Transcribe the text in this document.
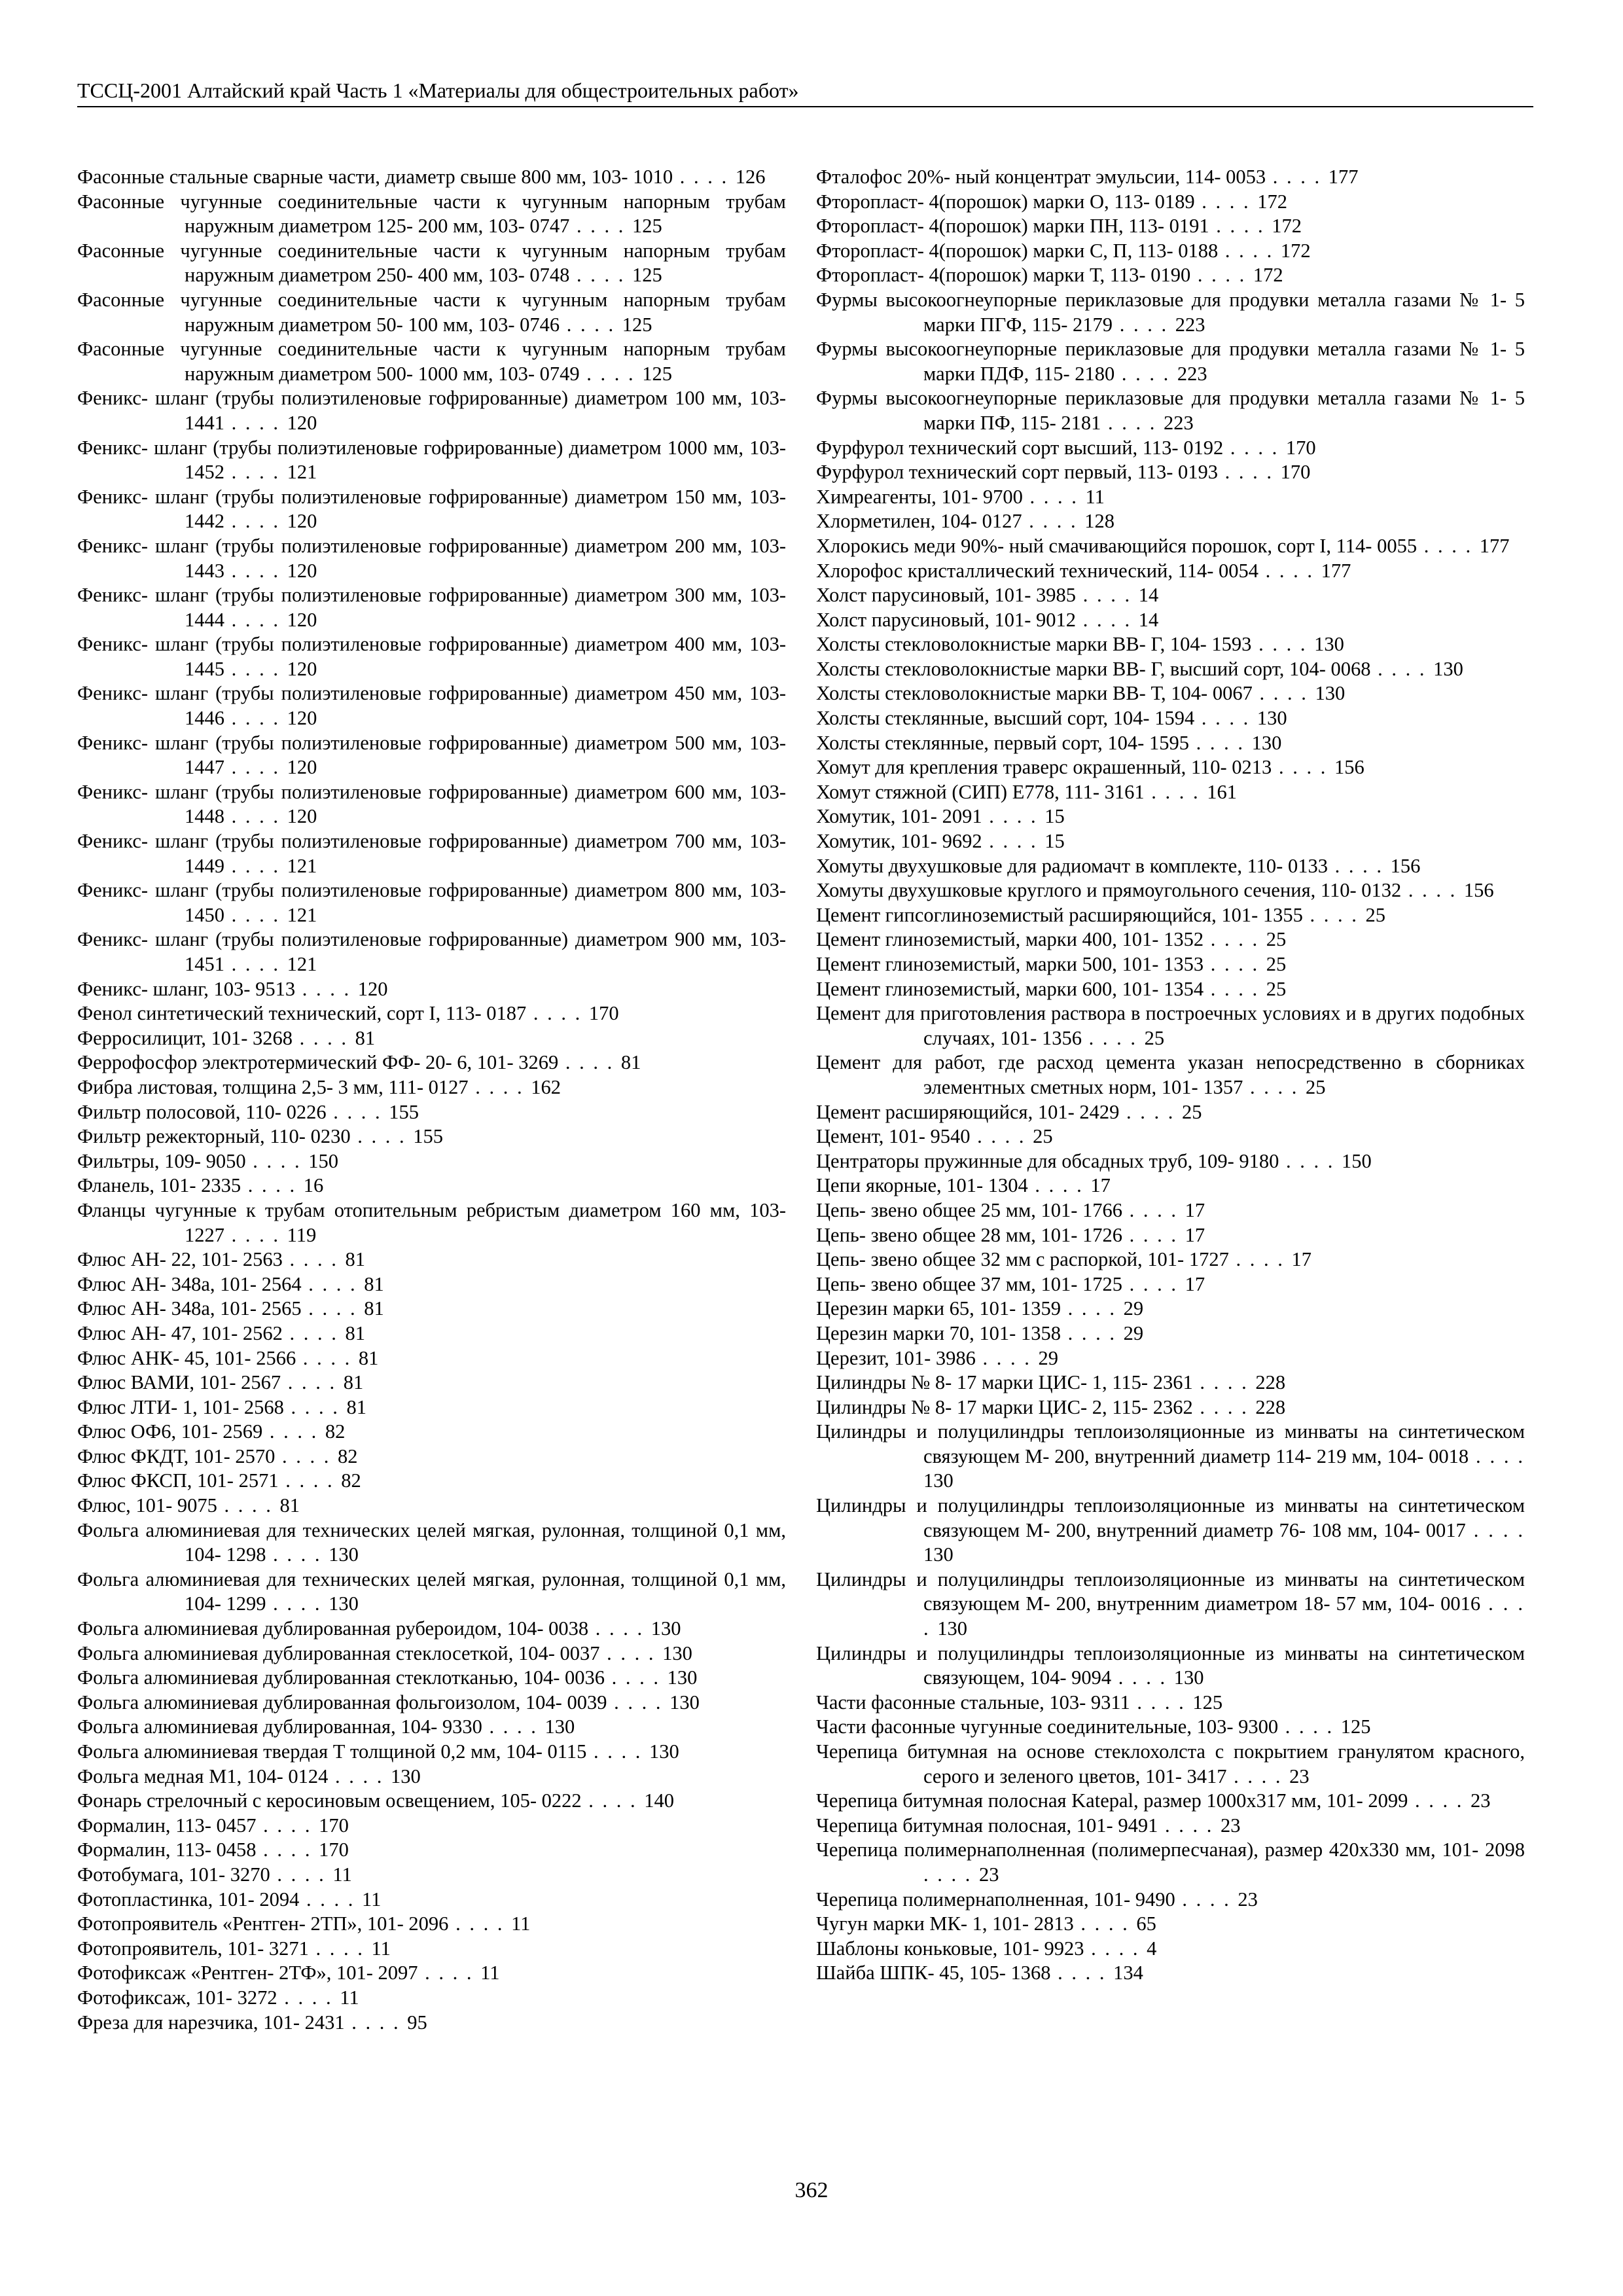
ТССЦ-2001 Алтайский край Часть 1 «Материалы для общестроительных работ»
Фасонные стальные сварные части, диаметр свыше 800 мм, 103- 1010 . . . . 126
Фасонные чугунные соединительные части к чугунным напорным трубам наружным диаметром 125- 200 мм, 103- 0747 . . . . 125
Фасонные чугунные соединительные части к чугунным напорным трубам наружным диаметром 250- 400 мм, 103- 0748 . . . . 125
Фасонные чугунные соединительные части к чугунным напорным трубам наружным диаметром 50- 100 мм, 103- 0746 . . . . 125
Фасонные чугунные соединительные части к чугунным напорным трубам наружным диаметром 500- 1000 мм, 103- 0749 . . . . 125
Феникс- шланг (трубы полиэтиленовые гофрированные) диаметром 100 мм, 103- 1441 . . . . 120
Феникс- шланг (трубы полиэтиленовые гофрированные) диаметром 1000 мм, 103- 1452 . . . . 121
Феникс- шланг (трубы полиэтиленовые гофрированные) диаметром 150 мм, 103- 1442 . . . . 120
Феникс- шланг (трубы полиэтиленовые гофрированные) диаметром 200 мм, 103- 1443 . . . . 120
Феникс- шланг (трубы полиэтиленовые гофрированные) диаметром 300 мм, 103- 1444 . . . . 120
Феникс- шланг (трубы полиэтиленовые гофрированные) диаметром 400 мм, 103- 1445 . . . . 120
Феникс- шланг (трубы полиэтиленовые гофрированные) диаметром 450 мм, 103- 1446 . . . . 120
Феникс- шланг (трубы полиэтиленовые гофрированные) диаметром 500 мм, 103- 1447 . . . . 120
Феникс- шланг (трубы полиэтиленовые гофрированные) диаметром 600 мм, 103- 1448 . . . . 120
Феникс- шланг (трубы полиэтиленовые гофрированные) диаметром 700 мм, 103- 1449 . . . . 121
Феникс- шланг (трубы полиэтиленовые гофрированные) диаметром 800 мм, 103- 1450 . . . . 121
Феникс- шланг (трубы полиэтиленовые гофрированные) диаметром 900 мм, 103- 1451 . . . . 121
Феникс- шланг, 103- 9513 . . . . 120
Фенол синтетический технический, сорт I, 113- 0187 . . . . 170
Ферросилицит, 101- 3268 . . . . 81
Феррофосфор электротермический ФФ- 20- 6, 101- 3269 . . . . 81
Фибра листовая, толщина 2,5- 3 мм, 111- 0127 . . . . 162
Фильтр полосовой, 110- 0226 . . . . 155
Фильтр режекторный, 110- 0230 . . . . 155
Фильтры, 109- 9050 . . . . 150
Фланель, 101- 2335 . . . . 16
Фланцы чугунные к трубам отопительным ребристым диаметром 160 мм, 103- 1227 . . . . 119
Флюс АН- 22, 101- 2563 . . . . 81
Флюс АН- 348а, 101- 2564 . . . . 81
Флюс АН- 348а, 101- 2565 . . . . 81
Флюс АН- 47, 101- 2562 . . . . 81
Флюс АНК- 45, 101- 2566 . . . . 81
Флюс ВАМИ, 101- 2567 . . . . 81
Флюс ЛТИ- 1, 101- 2568 . . . . 81
Флюс ОФ6, 101- 2569 . . . . 82
Флюс ФКДТ, 101- 2570 . . . . 82
Флюс ФКСП, 101- 2571 . . . . 82
Флюс, 101- 9075 . . . . 81
Фольга алюминиевая для технических целей мягкая, рулонная, толщиной 0,1 мм, 104- 1298 . . . . 130
Фольга алюминиевая для технических целей мягкая, рулонная, толщиной 0,1 мм, 104- 1299 . . . . 130
Фольга алюминиевая дублированная рубероидом, 104- 0038 . . . . 130
Фольга алюминиевая дублированная стеклосеткой, 104- 0037 . . . . 130
Фольга алюминиевая дублированная стеклотканью, 104- 0036 . . . . 130
Фольга алюминиевая дублированная фольгоизолом, 104- 0039 . . . . 130
Фольга алюминиевая дублированная, 104- 9330 . . . . 130
Фольга алюминиевая твердая Т толщиной 0,2 мм, 104- 0115 . . . . 130
Фольга медная М1, 104- 0124 . . . . 130
Фонарь стрелочный с керосиновым освещением, 105- 0222 . . . . 140
Формалин, 113- 0457 . . . . 170
Формалин, 113- 0458 . . . . 170
Фотобумага, 101- 3270 . . . . 11
Фотопластинка, 101- 2094 . . . . 11
Фотопроявитель «Рентген- 2ТП», 101- 2096 . . . . 11
Фотопроявитель, 101- 3271 . . . . 11
Фотофиксаж «Рентген- 2ТФ», 101- 2097 . . . . 11
Фотофиксаж, 101- 3272 . . . . 11
Фреза для нарезчика, 101- 2431 . . . . 95
Фталофос 20%- ный концентрат эмульсии, 114- 0053 . . . . 177
Фторопласт- 4(порошок) марки О, 113- 0189 . . . . 172
Фторопласт- 4(порошок) марки ПН, 113- 0191 . . . . 172
Фторопласт- 4(порошок) марки С, П, 113- 0188 . . . . 172
Фторопласт- 4(порошок) марки Т, 113- 0190 . . . . 172
Фурмы высокоогнеупорные периклазовые для продувки металла газами № 1- 5 марки ПГФ, 115- 2179 . . . . 223
Фурмы высокоогнеупорные периклазовые для продувки металла газами № 1- 5 марки ПДФ, 115- 2180 . . . . 223
Фурмы высокоогнеупорные периклазовые для продувки металла газами № 1- 5 марки ПФ, 115- 2181 . . . . 223
Фурфурол технический сорт высший, 113- 0192 . . . . 170
Фурфурол технический сорт первый, 113- 0193 . . . . 170
Химреагенты, 101- 9700 . . . . 11
Хлорметилен, 104- 0127 . . . . 128
Хлорокись меди 90%- ный смачивающийся порошок, сорт I, 114- 0055 . . . . 177
Хлорофос кристаллический технический, 114- 0054 . . . . 177
Холст парусиновый, 101- 3985 . . . . 14
Холст парусиновый, 101- 9012 . . . . 14
Холсты стекловолокнистые марки ВВ- Г, 104- 1593 . . . . 130
Холсты стекловолокнистые марки ВВ- Г, высший сорт, 104- 0068 . . . . 130
Холсты стекловолокнистые марки ВВ- Т, 104- 0067 . . . . 130
Холсты стеклянные, высший сорт, 104- 1594 . . . . 130
Холсты стеклянные, первый сорт, 104- 1595 . . . . 130
Хомут для крепления траверс окрашенный, 110- 0213 . . . . 156
Хомут стяжной (СИП) Е778, 111- 3161 . . . . 161
Хомутик, 101- 2091 . . . . 15
Хомутик, 101- 9692 . . . . 15
Хомуты двухушковые для радиомачт в комплекте, 110- 0133 . . . . 156
Хомуты двухушковые круглого и прямоугольного сечения, 110- 0132 . . . . 156
Цемент гипсоглиноземистый расширяющийся, 101- 1355 . . . . 25
Цемент глиноземистый, марки 400, 101- 1352 . . . . 25
Цемент глиноземистый, марки 500, 101- 1353 . . . . 25
Цемент глиноземистый, марки 600, 101- 1354 . . . . 25
Цемент для приготовления раствора в построечных условиях и в других подобных случаях, 101- 1356 . . . . 25
Цемент для работ, где расход цемента указан непосредственно в сборниках элементных сметных норм, 101- 1357 . . . . 25
Цемент расширяющийся, 101- 2429 . . . . 25
Цемент, 101- 9540 . . . . 25
Центраторы пружинные для обсадных труб, 109- 9180 . . . . 150
Цепи якорные, 101- 1304 . . . . 17
Цепь- звено общее 25 мм, 101- 1766 . . . . 17
Цепь- звено общее 28 мм, 101- 1726 . . . . 17
Цепь- звено общее 32 мм с распоркой, 101- 1727 . . . . 17
Цепь- звено общее 37 мм, 101- 1725 . . . . 17
Церезин марки 65, 101- 1359 . . . . 29
Церезин марки 70, 101- 1358 . . . . 29
Церезит, 101- 3986 . . . . 29
Цилиндры № 8- 17 марки ЦИС- 1, 115- 2361 . . . . 228
Цилиндры № 8- 17 марки ЦИС- 2, 115- 2362 . . . . 228
Цилиндры и полуцилиндры теплоизоляционные из минваты на синтетическом связующем М- 200, внутренний диаметр 114- 219 мм, 104- 0018 . . . . 130
Цилиндры и полуцилиндры теплоизоляционные из минваты на синтетическом связующем М- 200, внутренний диаметр 76- 108 мм, 104- 0017 . . . . 130
Цилиндры и полуцилиндры теплоизоляционные из минваты на синтетическом связующем М- 200, внутренним диаметром 18- 57 мм, 104- 0016 . . . . 130
Цилиндры и полуцилиндры теплоизоляционные из минваты на синтетическом связующем, 104- 9094 . . . . 130
Части фасонные стальные, 103- 9311 . . . . 125
Части фасонные чугунные соединительные, 103- 9300 . . . . 125
Черепица битумная на основе стеклохолста с покрытием гранулятом красного, серого и зеленого цветов, 101- 3417 . . . . 23
Черепица битумная полосная Katepal, размер 1000x317 мм, 101- 2099 . . . . 23
Черепица битумная полосная, 101- 9491 . . . . 23
Черепица полимернаполненная (полимерпесчаная), размер 420x330 мм, 101- 2098 . . . . 23
Черепица полимернаполненная, 101- 9490 . . . . 23
Чугун марки МК- 1, 101- 2813 . . . . 65
Шаблоны коньковые, 101- 9923 . . . . 4
Шайба ШПК- 45, 105- 1368 . . . . 134
362
